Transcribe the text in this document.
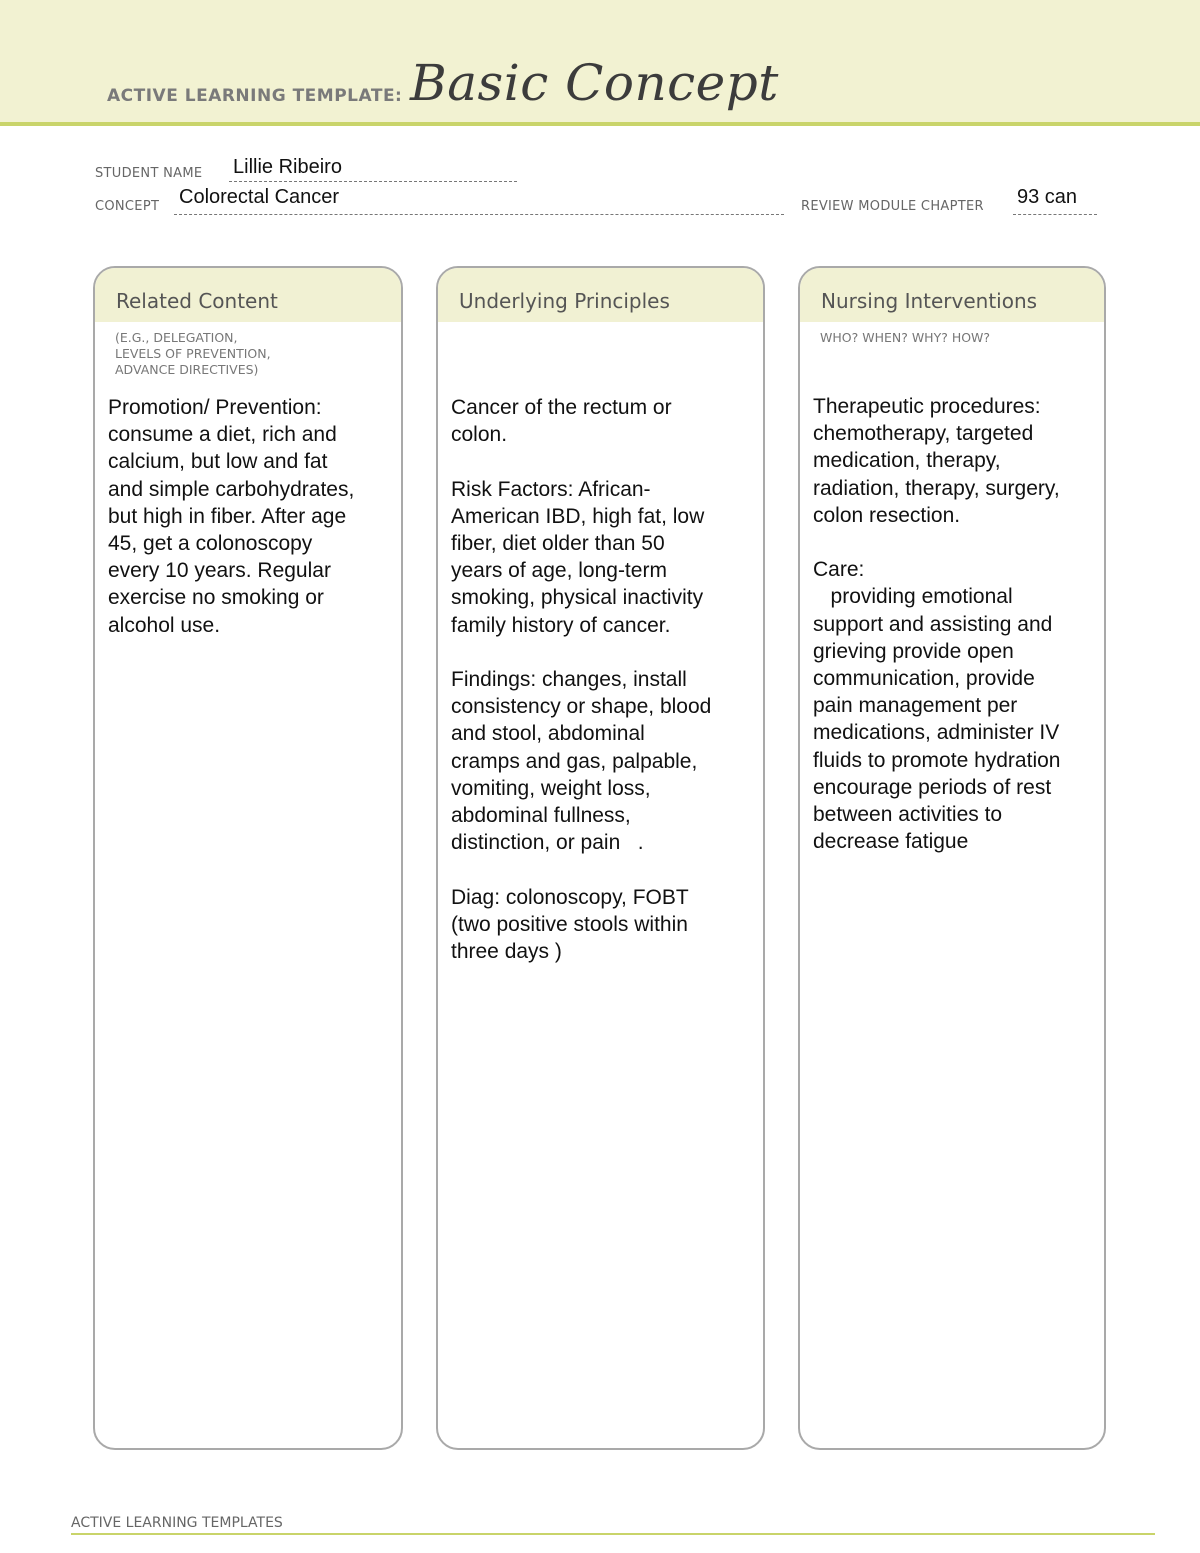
ACTIVE LEARNING TEMPLATE: Basic Concept
STUDENT NAME Lillie Ribeiro
CONCEPT Colorectal Cancer	REVIEW MODULE CHAPTER 93 can
Related Content
(E.G., DELEGATION,
LEVELS OF PREVENTION,
ADVANCE DIRECTIVES)
Promotion/ Prevention:
consume a diet, rich and
calcium, but low and fat
and simple carbohydrates,
but high in fiber. After age
45, get a colonoscopy
every 10 years. Regular
exercise no smoking or
alcohol use.
Underlying Principles
Cancer of the rectum or
colon.

Risk Factors: African-
American IBD, high fat, low
fiber, diet older than 50
years of age, long-term
smoking, physical inactivity
family history of cancer.

Findings: changes, install
consistency or shape, blood
and stool, abdominal
cramps and gas, palpable,
vomiting, weight loss,
abdominal fullness,
distinction, or pain   .

Diag: colonoscopy, FOBT
(two positive stools within
three days )
Nursing Interventions
WHO? WHEN? WHY? HOW?
Therapeutic procedures:
chemotherapy, targeted
medication, therapy,
radiation, therapy, surgery,
colon resection.

Care:
providing emotional
support and assisting and
grieving provide open
communication, provide
pain management per
medications, administer IV
fluids to promote hydration
encourage periods of rest
between activities to
decrease fatigue
ACTIVE LEARNING TEMPLATES
